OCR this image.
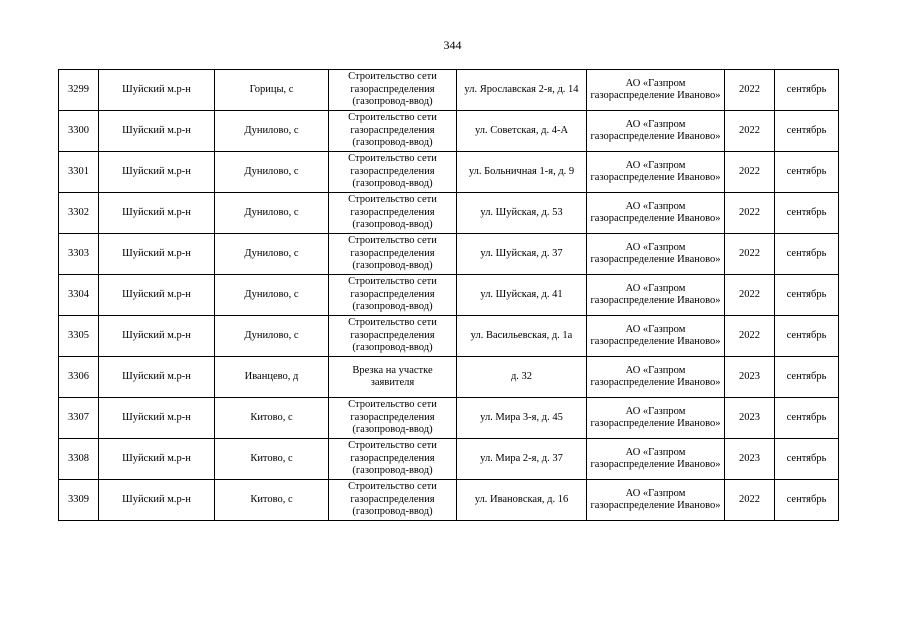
344
3299	Шуйский м.р-н	Горицы, с	Строительство сети газораспределения (газопровод-ввод)	ул. Ярославская 2-я, д. 14	АО «Газпром газораспределение Иваново»	2022	сентябрь
3300	Шуйский м.р-н	Дунилово, с	Строительство сети газораспределения (газопровод-ввод)	ул. Советская, д. 4-А	АО «Газпром газораспределение Иваново»	2022	сентябрь
3301	Шуйский м.р-н	Дунилово, с	Строительство сети газораспределения (газопровод-ввод)	ул. Больничная 1-я, д. 9	АО «Газпром газораспределение Иваново»	2022	сентябрь
3302	Шуйский м.р-н	Дунилово, с	Строительство сети газораспределения (газопровод-ввод)	ул. Шуйская, д. 53	АО «Газпром газораспределение Иваново»	2022	сентябрь
3303	Шуйский м.р-н	Дунилово, с	Строительство сети газораспределения (газопровод-ввод)	ул. Шуйская, д. 37	АО «Газпром газораспределение Иваново»	2022	сентябрь
3304	Шуйский м.р-н	Дунилово, с	Строительство сети газораспределения (газопровод-ввод)	ул. Шуйская, д. 41	АО «Газпром газораспределение Иваново»	2022	сентябрь
3305	Шуйский м.р-н	Дунилово, с	Строительство сети газораспределения (газопровод-ввод)	ул. Васильевская, д. 1а	АО «Газпром газораспределение Иваново»	2022	сентябрь
3306	Шуйский м.р-н	Иванцево, д	Врезка на участке заявителя	д. 32	АО «Газпром газораспределение Иваново»	2023	сентябрь
3307	Шуйский м.р-н	Китово, с	Строительство сети газораспределения (газопровод-ввод)	ул. Мира 3-я, д. 45	АО «Газпром газораспределение Иваново»	2023	сентябрь
3308	Шуйский м.р-н	Китово, с	Строительство сети газораспределения (газопровод-ввод)	ул. Мира 2-я, д. 37	АО «Газпром газораспределение Иваново»	2023	сентябрь
3309	Шуйский м.р-н	Китово, с	Строительство сети газораспределения (газопровод-ввод)	ул. Ивановская, д. 16	АО «Газпром газораспределение Иваново»	2022	сентябрь
